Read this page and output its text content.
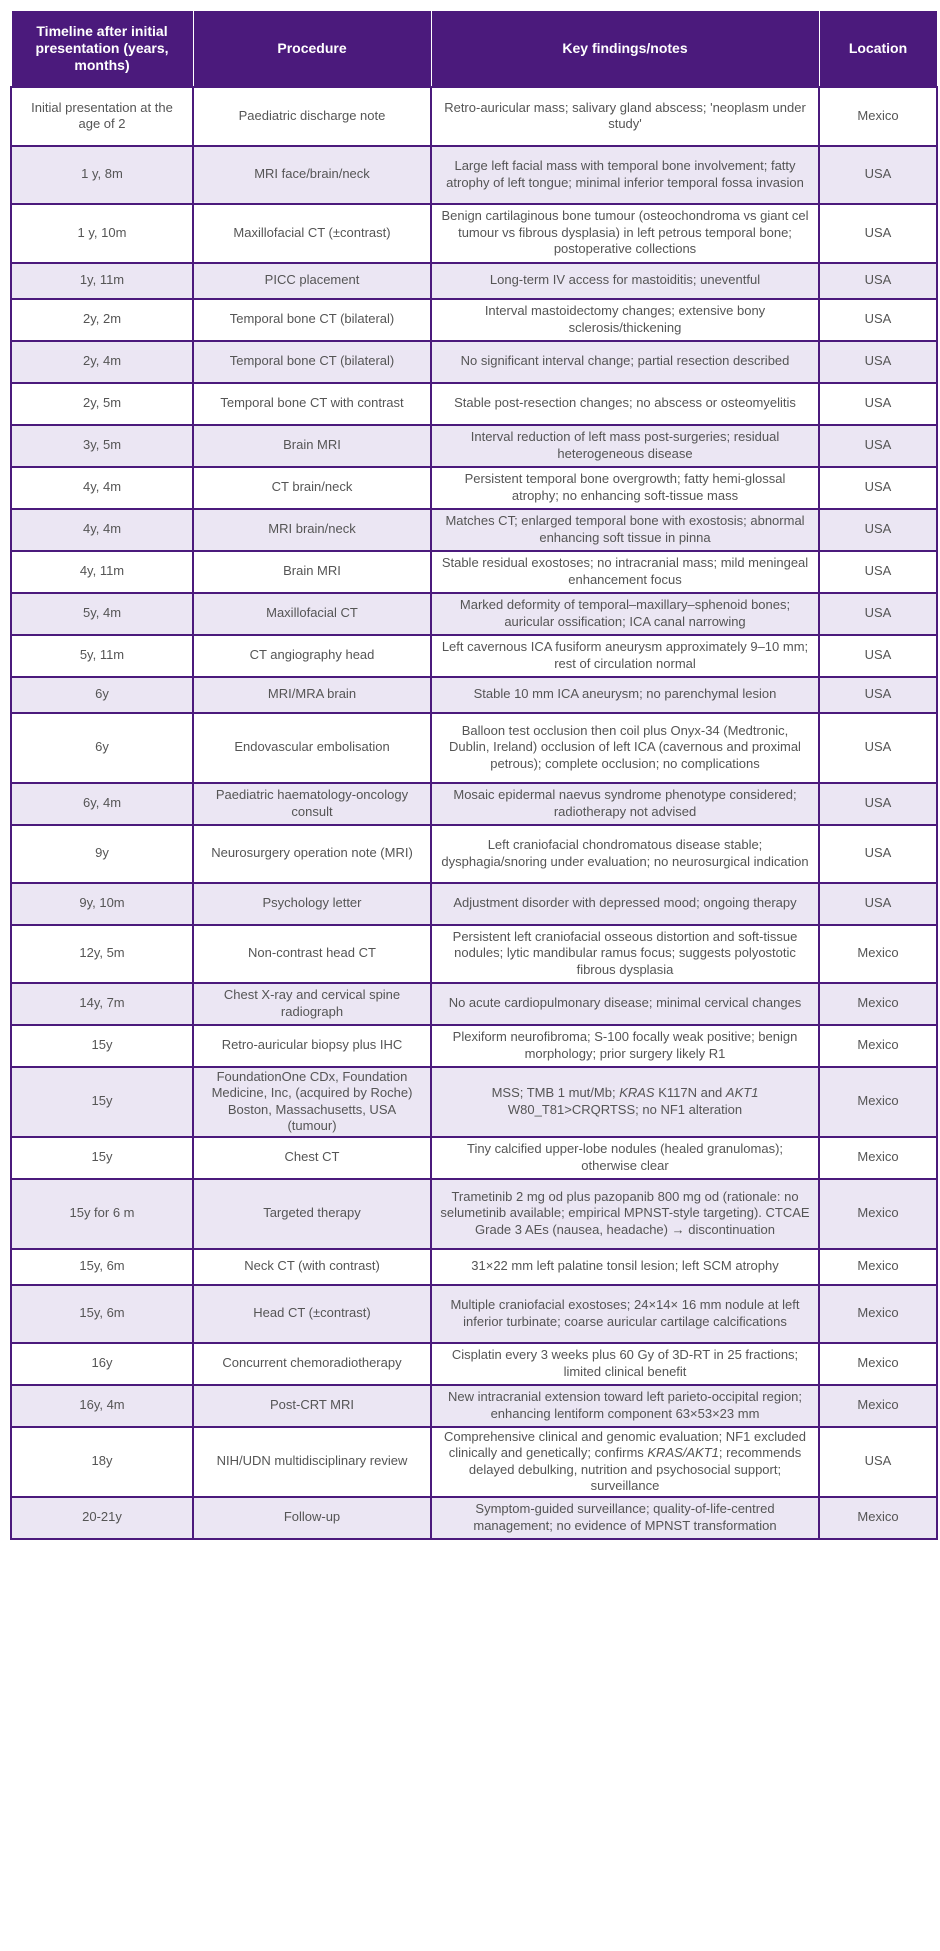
Timeline after initial presentation (years, months)	Procedure	Key findings/notes	Location
Initial presentation at the age of 2	Paediatric discharge note	Retro-auricular mass; salivary gland abscess; 'neoplasm under study'	Mexico
1 y, 8m	MRI face/brain/neck	Large left facial mass with temporal bone involvement; fatty atrophy of left tongue; minimal inferior temporal fossa invasion	USA
1 y, 10m	Maxillofacial CT (±contrast)	Benign cartilaginous bone tumour (osteochondroma vs giant cel tumour vs fibrous dysplasia) in left petrous temporal bone; postoperative collections	USA
1y, 11m	PICC placement	Long-term IV access for mastoiditis; uneventful	USA
2y, 2m	Temporal bone CT (bilateral)	Interval mastoidectomy changes; extensive bony sclerosis/thickening	USA
2y, 4m	Temporal bone CT (bilateral)	No significant interval change; partial resection described	USA
2y, 5m	Temporal bone CT with contrast	Stable post-resection changes; no abscess or osteomyelitis	USA
3y, 5m	Brain MRI	Interval reduction of left mass post-surgeries; residual heterogeneous disease	USA
4y, 4m	CT brain/neck	Persistent temporal bone overgrowth; fatty hemi-glossal atrophy; no enhancing soft-tissue mass	USA
4y, 4m	MRI brain/neck	Matches CT; enlarged temporal bone with exostosis; abnormal enhancing soft tissue in pinna	USA
4y, 11m	Brain MRI	Stable residual exostoses; no intracranial mass; mild meningeal enhancement focus	USA
5y, 4m	Maxillofacial CT	Marked deformity of temporal–maxillary–sphenoid bones; auricular ossification; ICA canal narrowing	USA
5y, 11m	CT angiography head	Left cavernous ICA fusiform aneurysm approximately 9–10 mm; rest of circulation normal	USA
6y	MRI/MRA brain	Stable 10 mm ICA aneurysm; no parenchymal lesion	USA
6y	Endovascular embolisation	Balloon test occlusion then coil plus Onyx-34 (Medtronic, Dublin, Ireland) occlusion of left ICA (cavernous and proximal petrous); complete occlusion; no complications	USA
6y, 4m	Paediatric haematology-oncology consult	Mosaic epidermal naevus syndrome phenotype considered; radiotherapy not advised	USA
9y	Neurosurgery operation note (MRI)	Left craniofacial chondromatous disease stable; dysphagia/snoring under evaluation; no neurosurgical indication	USA
9y, 10m	Psychology letter	Adjustment disorder with depressed mood; ongoing therapy	USA
12y, 5m	Non-contrast head CT	Persistent left craniofacial osseous distortion and soft-tissue nodules; lytic mandibular ramus focus; suggests polyostotic fibrous dysplasia	Mexico
14y, 7m	Chest X-ray and cervical spine radiograph	No acute cardiopulmonary disease; minimal cervical changes	Mexico
15y	Retro-auricular biopsy plus IHC	Plexiform neurofibroma; S-100 focally weak positive; benign morphology; prior surgery likely R1	Mexico
15y	FoundationOne CDx, Foundation Medicine, Inc, (acquired by Roche) Boston, Massachusetts, USA (tumour)	MSS; TMB 1 mut/Mb; KRAS K117N and AKT1 W80_T81>CRQRTSS; no NF1 alteration	Mexico
15y	Chest CT	Tiny calcified upper-lobe nodules (healed granulomas); otherwise clear	Mexico
15y for 6 m	Targeted therapy	Trametinib 2 mg od plus pazopanib 800 mg od (rationale: no selumetinib available; empirical MPNST-style targeting). CTCAE Grade 3 AEs (nausea, headache) → discontinuation	Mexico
15y, 6m	Neck CT (with contrast)	31×22 mm left palatine tonsil lesion; left SCM atrophy	Mexico
15y, 6m	Head CT (±contrast)	Multiple craniofacial exostoses; 24×14× 16 mm nodule at left inferior turbinate; coarse auricular cartilage calcifications	Mexico
16y	Concurrent chemoradiotherapy	Cisplatin every 3 weeks plus 60 Gy of 3D-RT in 25 fractions; limited clinical benefit	Mexico
16y, 4m	Post-CRT MRI	New intracranial extension toward left parieto-occipital region; enhancing lentiform component 63×53×23 mm	Mexico
18y	NIH/UDN multidisciplinary review	Comprehensive clinical and genomic evaluation; NF1 excluded clinically and genetically; confirms KRAS/AKT1; recommends delayed debulking, nutrition and psychosocial support; surveillance	USA
20-21y	Follow-up	Symptom-guided surveillance; quality-of-life-centred management; no evidence of MPNST transformation	Mexico
